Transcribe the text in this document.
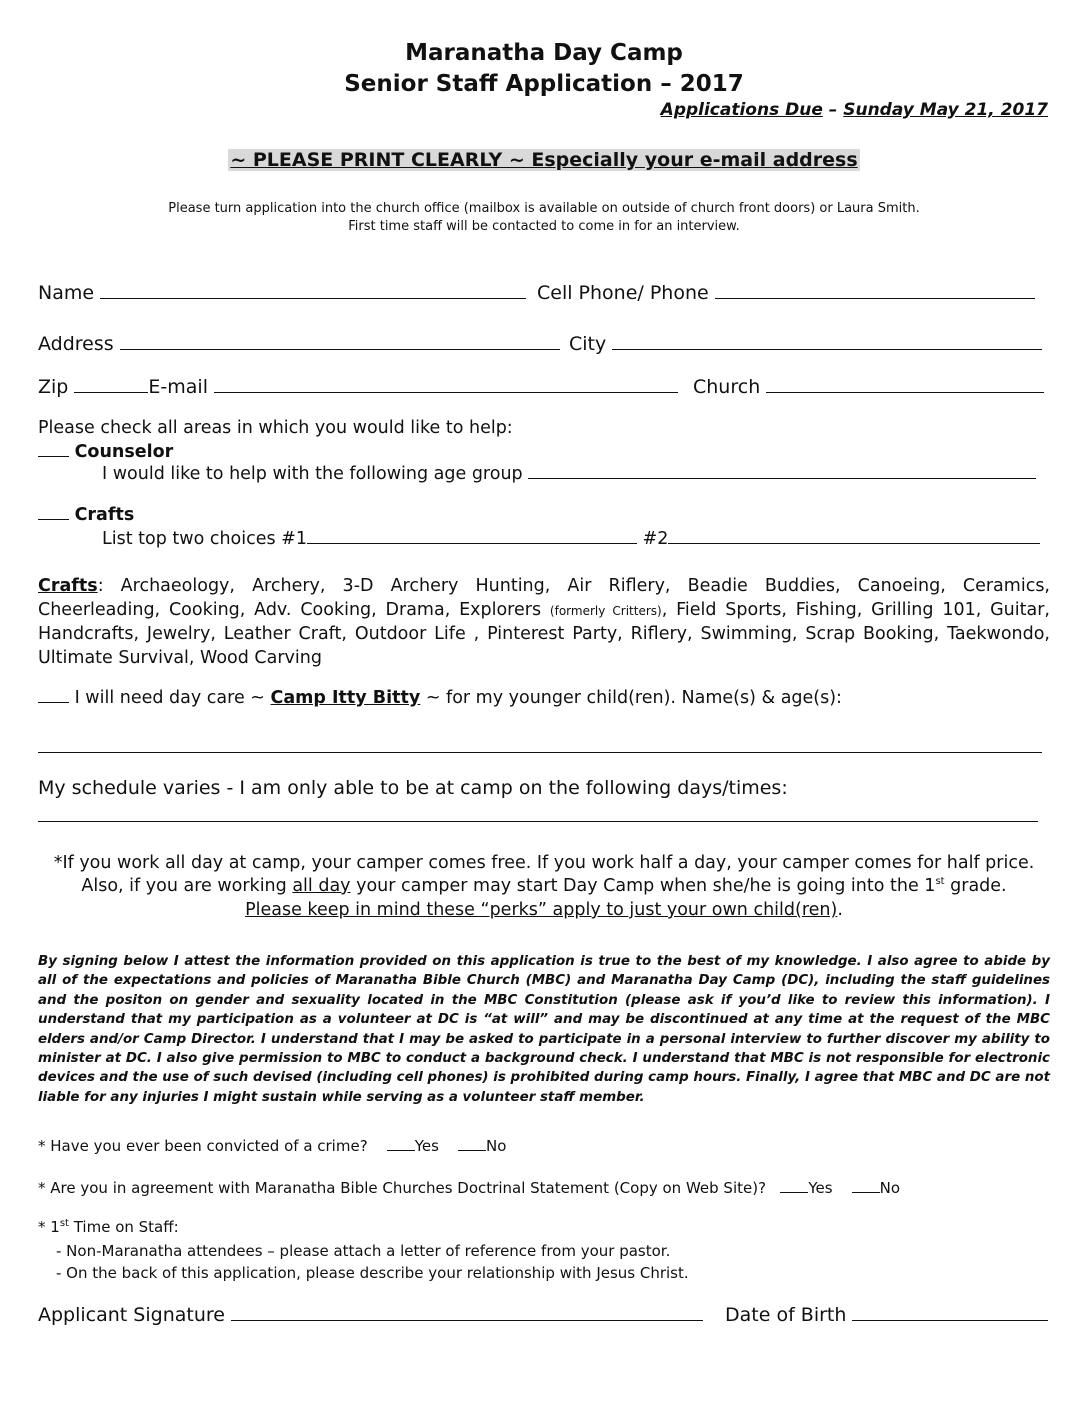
Maranatha Day Camp
Senior Staff Application – 2017
Applications Due – Sunday May 21, 2017
~ PLEASE PRINT CLEARLY ~ Especially your e-mail address
Please turn application into the church office (mailbox is available on outside of church front doors) or Laura Smith.
First time staff will be contacted to come in for an interview.
Name	Cell Phone/ Phone
Address	City
Zip	E-mail	Church
Please check all areas in which you would like to help:
Counselor
I would like to help with the following age group
Crafts
List top two choices #1	#2
Crafts: Archaeology, Archery, 3-D Archery Hunting, Air Riflery, Beadie Buddies, Canoeing, Ceramics, Cheerleading, Cooking, Adv. Cooking, Drama, Explorers (formerly Critters), Field Sports, Fishing, Grilling 101, Guitar, Handcrafts, Jewelry, Leather Craft, Outdoor Life , Pinterest Party, Riflery, Swimming, Scrap Booking, Taekwondo, Ultimate Survival, Wood Carving
I will need day care ~ Camp Itty Bitty ~ for my younger child(ren). Name(s) & age(s):
My schedule varies - I am only able to be at camp on the following days/times:
*If you work all day at camp, your camper comes free. If you work half a day, your camper comes for half price.
Also, if you are working all day your camper may start Day Camp when she/he is going into the 1st grade.
Please keep in mind these “perks” apply to just your own child(ren).
By signing below I attest the information provided on this application is true to the best of my knowledge. I also agree to abide by all of the expectations and policies of Maranatha Bible Church (MBC) and Maranatha Day Camp (DC), including the staff guidelines and the positon on gender and sexuality located in the MBC Constitution (please ask if you’d like to review this information). I understand that my participation as a volunteer at DC is “at will” and may be discontinued at any time at the request of the MBC elders and/or Camp Director. I understand that I may be asked to participate in a personal interview to further discover my ability to minister at DC. I also give permission to MBC to conduct a background check. I understand that MBC is not responsible for electronic devices and the use of such devised (including cell phones) is prohibited during camp hours. Finally, I agree that MBC and DC are not liable for any injuries I might sustain while serving as a volunteer staff member.
* Have you ever been convicted of a crime?	Yes	No
* Are you in agreement with Maranatha Bible Churches Doctrinal Statement (Copy on Web Site)?	Yes	No
* 1st Time on Staff:
- Non-Maranatha attendees – please attach a letter of reference from your pastor.
- On the back of this application, please describe your relationship with Jesus Christ.
Applicant Signature	Date of Birth
